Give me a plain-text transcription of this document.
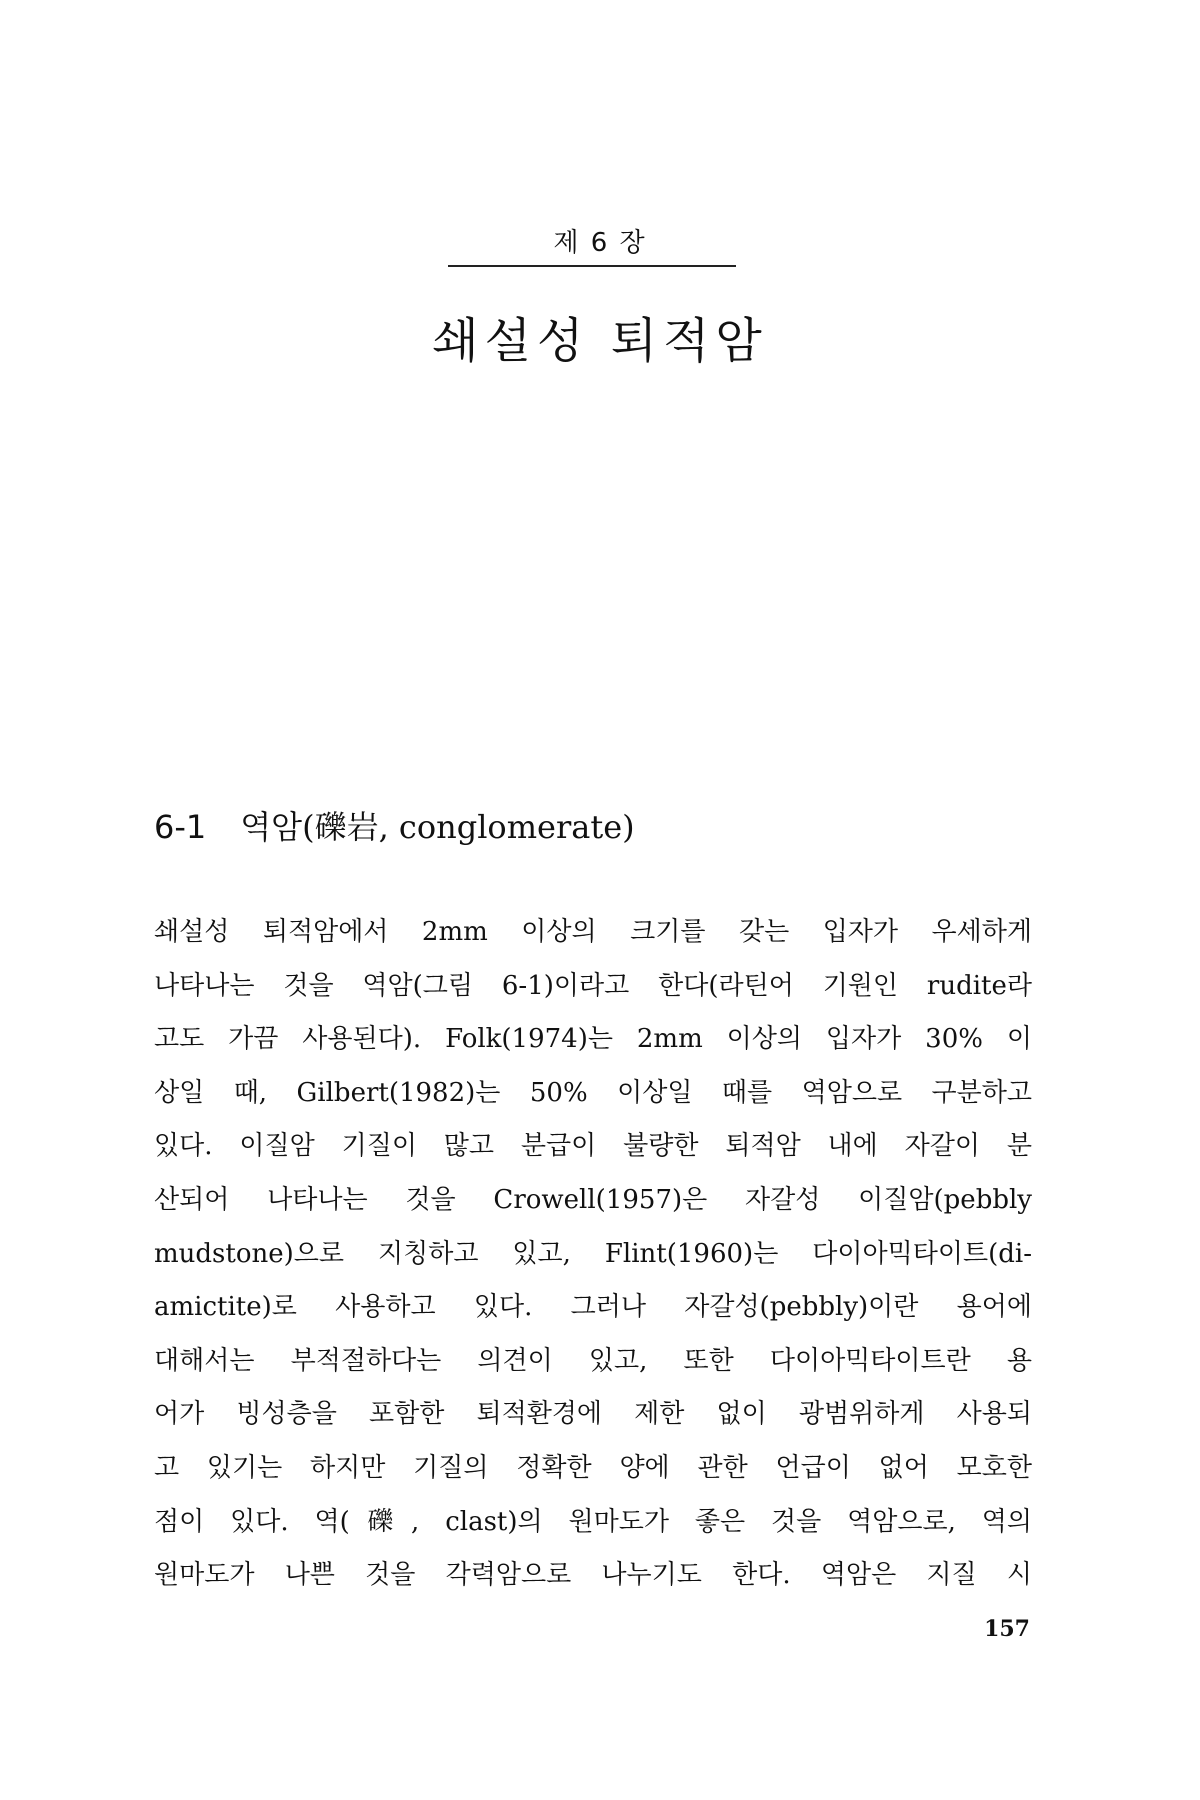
제 6 장
쇄설성 퇴적암
6-1 역암(礫岩, conglomerate)
쇄설성 퇴적암에서 2mm 이상의 크기를 갖는 입자가 우세하게
나타나는 것을 역암(그림 6-1)이라고 한다(라틴어 기원인 rudite라
고도 가끔 사용된다). Folk(1974)는 2mm 이상의 입자가 30% 이
상일 때, Gilbert(1982)는 50% 이상일 때를 역암으로 구분하고
있다. 이질암 기질이 많고 분급이 불량한 퇴적암 내에 자갈이 분
산되어 나타나는 것을 Crowell(1957)은 자갈성 이질암(pebbly
mudstone)으로 지칭하고 있고, Flint(1960)는 다이아믹타이트(di-
amictite)로 사용하고 있다. 그러나 자갈성(pebbly)이란 용어에
대해서는 부적절하다는 의견이 있고, 또한 다이아믹타이트란 용
어가 빙성층을 포함한 퇴적환경에 제한 없이 광범위하게 사용되
고 있기는 하지만 기질의 정확한 양에 관한 언급이 없어 모호한
점이 있다. 역(礫, clast)의 원마도가 좋은 것을 역암으로, 역의
원마도가 나쁜 것을 각력암으로 나누기도 한다. 역암은 지질 시
157
